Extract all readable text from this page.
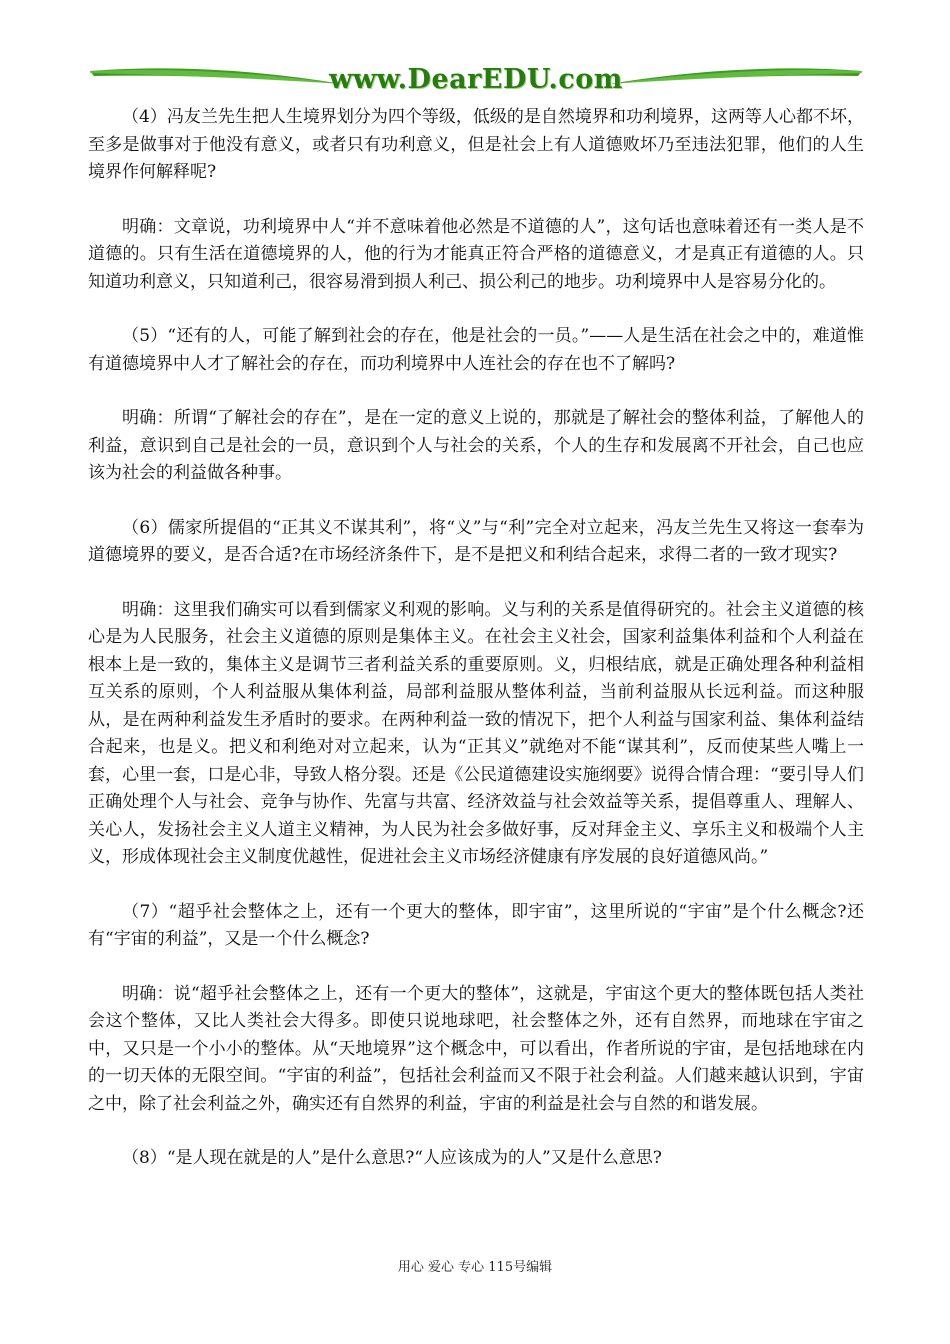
www.DearEDU.com

（4）冯友兰先生把人生境界划分为四个等级，低级的是自然境界和功利境界，这两等人心都不坏，至多是做事对于他没有意义，或者只有功利意义，但是社会上有人道德败坏乃至违法犯罪，他们的人生境界作何解释呢?

明确：文章说，功利境界中人“并不意味着他必然是不道德的人”，这句话也意味着还有一类人是不道德的。只有生活在道德境界的人，他的行为才能真正符合严格的道德意义，才是真正有道德的人。只知道功利意义，只知道利己，很容易滑到损人利己、损公利己的地步。功利境界中人是容易分化的。

（5）“还有的人，可能了解到社会的存在，他是社会的一员。”——人是生活在社会之中的，难道惟有道德境界中人才了解社会的存在，而功利境界中人连社会的存在也不了解吗?

明确：所谓“了解社会的存在”，是在一定的意义上说的，那就是了解社会的整体利益，了解他人的利益，意识到自己是社会的一员，意识到个人与社会的关系，个人的生存和发展离不开社会，自己也应该为社会的利益做各种事。

（6）儒家所提倡的“正其义不谋其利”，将“义”与“利”完全对立起来，冯友兰先生又将这一套奉为道德境界的要义，是否合适?在市场经济条件下，是不是把义和利结合起来，求得二者的一致才现实?

明确：这里我们确实可以看到儒家义利观的影响。义与利的关系是值得研究的。社会主义道德的核心是为人民服务，社会主义道德的原则是集体主义。在社会主义社会，国家利益集体利益和个人利益在根本上是一致的，集体主义是调节三者利益关系的重要原则。义，归根结底，就是正确处理各种利益相互关系的原则，个人利益服从集体利益，局部利益服从整体利益，当前利益服从长远利益。而这种服从，是在两种利益发生矛盾时的要求。在两种利益一致的情况下，把个人利益与国家利益、集体利益结合起来，也是义。把义和利绝对对立起来，认为“正其义”就绝对不能“谋其利”，反而使某些人嘴上一套，心里一套，口是心非，导致人格分裂。还是《公民道德建设实施纲要》说得合情合理：“要引导人们正确处理个人与社会、竞争与协作、先富与共富、经济效益与社会效益等关系，提倡尊重人、理解人、关心人，发扬社会主义人道主义精神，为人民为社会多做好事，反对拜金主义、享乐主义和极端个人主义，形成体现社会主义制度优越性，促进社会主义市场经济健康有序发展的良好道德风尚。”

（7）“超乎社会整体之上，还有一个更大的整体，即宇宙”，这里所说的“宇宙”是个什么概念?还有“宇宙的利益”，又是一个什么概念?

明确：说“超乎社会整体之上，还有一个更大的整体”，这就是，宇宙这个更大的整体既包括人类社会这个整体，又比人类社会大得多。即使只说地球吧，社会整体之外，还有自然界，而地球在宇宙之中，又只是一个小小的整体。从“天地境界”这个概念中，可以看出，作者所说的宇宙，是包括地球在内的一切天体的无限空间。“宇宙的利益”，包括社会利益而又不限于社会利益。人们越来越认识到，宇宙之中，除了社会利益之外，确实还有自然界的利益，宇宙的利益是社会与自然的和谐发展。

（8）“是人现在就是的人”是什么意思?“人应该成为的人”又是什么意思?

用心 爱心 专心 115号编辑
